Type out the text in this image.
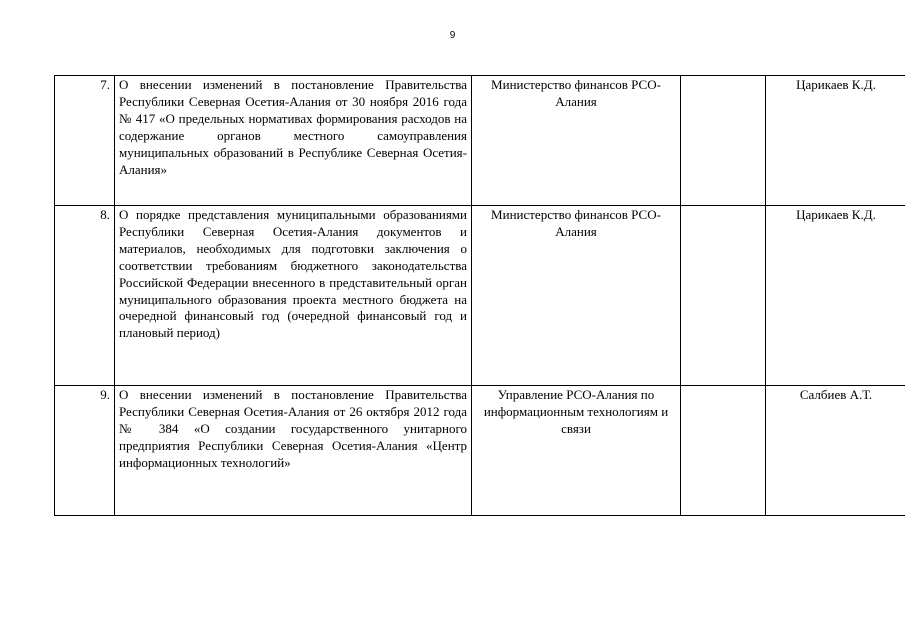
9
7.	О внесении изменений в постановление Правительства Республики Северная Осетия-Алания от 30 ноября 2016 года № 417 «О предельных нормативах формирования расходов на содержание органов местного самоуправления муниципальных образований в Республике Северная Осетия-Алания»	Министерство финансов РСО-Алания		Царикаев К.Д.
8.	О порядке представления муниципальными образованиями Республики Северная Осетия-Алания документов и материалов, необходимых для подготовки заключения о соответствии требованиям бюджетного законодательства Российской Федерации внесенного в представительный орган муниципального образования проекта местного бюджета на очередной финансовый год (очередной финансовый год и плановый период)	Министерство финансов РСО-Алания		Царикаев К.Д.
9.	О внесении изменений в постановление Правительства Республики Северная Осетия-Алания от 26 октября 2012 года № 384 «О создании государственного унитарного предприятия Республики Северная Осетия-Алания «Центр информационных технологий»	Управление РСО-Алания по информационным технологиям и связи		Салбиев А.Т.
